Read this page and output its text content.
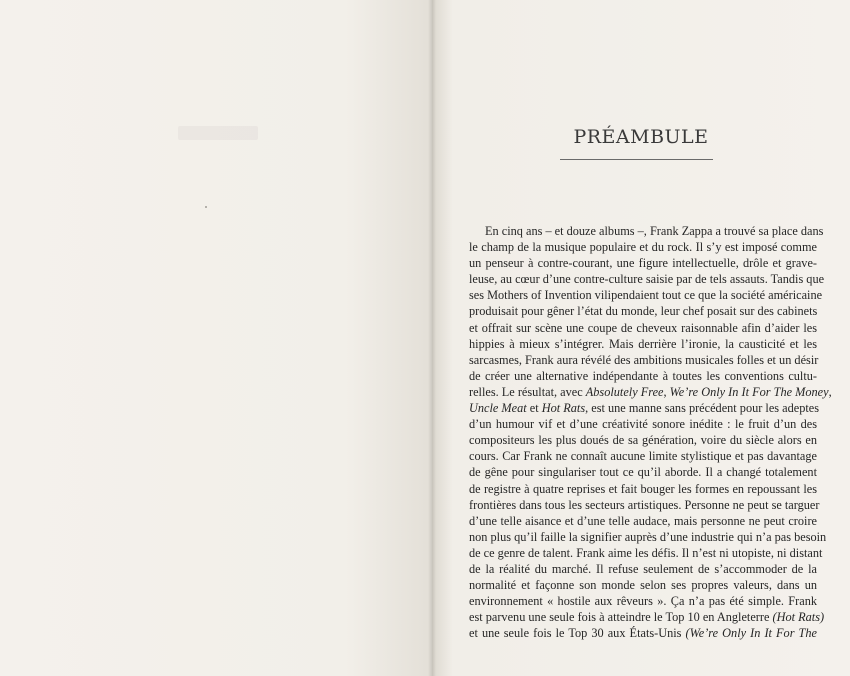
PRÉAMBULE
En cinq ans – et douze albums –, Frank Zappa a trouvé sa place dans
le champ de la musique populaire et du rock. Il s’y est imposé comme
un penseur à contre-courant, une figure intellectuelle, drôle et grave-
leuse, au cœur d’une contre-culture saisie par de tels assauts. Tandis que
ses Mothers of Invention vilipendaient tout ce que la société américaine
produisait pour gêner l’état du monde, leur chef posait sur des cabinets
et offrait sur scène une coupe de cheveux raisonnable afin d’aider les
hippies à mieux s’intégrer. Mais derrière l’ironie, la causticité et les
sarcasmes, Frank aura révélé des ambitions musicales folles et un désir
de créer une alternative indépendante à toutes les conventions cultu-
relles. Le résultat, avec Absolutely Free, We’re Only In It For The Money,
Uncle Meat et Hot Rats, est une manne sans précédent pour les adeptes
d’un humour vif et d’une créativité sonore inédite : le fruit d’un des
compositeurs les plus doués de sa génération, voire du siècle alors en
cours. Car Frank ne connaît aucune limite stylistique et pas davantage
de gêne pour singulariser tout ce qu’il aborde. Il a changé totalement
de registre à quatre reprises et fait bouger les formes en repoussant les
frontières dans tous les secteurs artistiques. Personne ne peut se targuer
d’une telle aisance et d’une telle audace, mais personne ne peut croire
non plus qu’il faille la signifier auprès d’une industrie qui n’a pas besoin
de ce genre de talent. Frank aime les défis. Il n’est ni utopiste, ni distant
de la réalité du marché. Il refuse seulement de s’accommoder de la
normalité et façonne son monde selon ses propres valeurs, dans un
environnement « hostile aux rêveurs ». Ça n’a pas été simple. Frank
est parvenu une seule fois à atteindre le Top 10 en Angleterre (Hot Rats)
et une seule fois le Top 30 aux États-Unis (We’re Only In It For The
